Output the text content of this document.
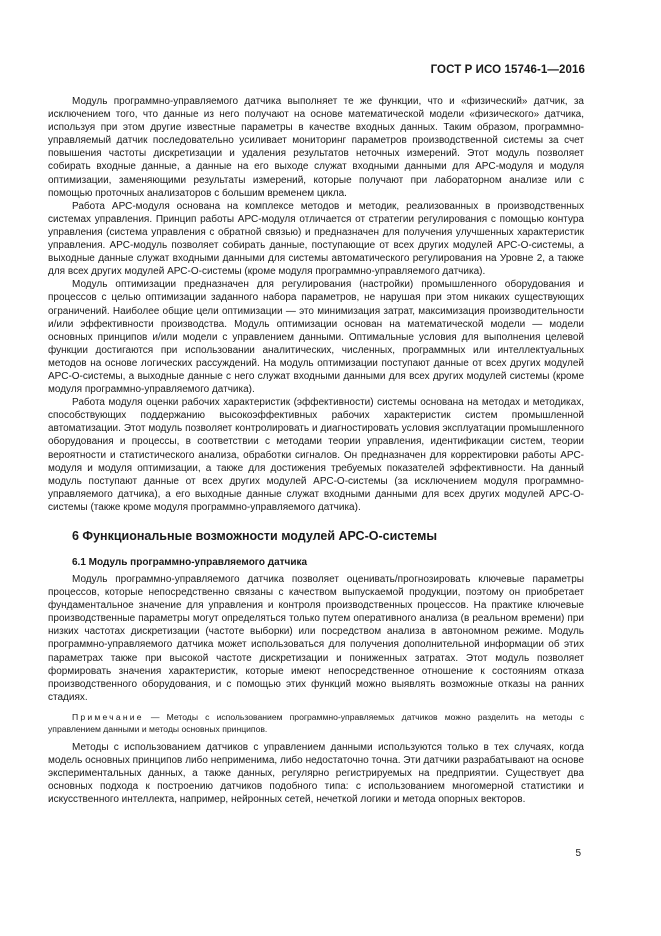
ГОСТ Р ИСО 15746-1—2016

Модуль программно-управляемого датчика выполняет те же функции, что и «физический» датчик, за исключением того, что данные из него получают на основе математической модели «физического» датчика, используя при этом другие известные параметры в качестве входных данных. Таким образом, программно-управляемый датчик последовательно усиливает мониторинг параметров производственной системы за счет повышения частоты дискретизации и удаления результатов неточных измерений. Этот модуль позволяет собирать входные данные, а данные на его выходе служат входными данными для АРС-модуля и модуля оптимизации, заменяющими результаты измерений, которые получают при лабораторном анализе или с помощью проточных анализаторов с большим временем цикла.

Работа АРС-модуля основана на комплексе методов и методик, реализованных в производственных системах управления. Принцип работы АРС-модуля отличается от стратегии регулирования с помощью контура управления (система управления с обратной связью) и предназначен для получения улучшенных характеристик управления. АРС-модуль позволяет собирать данные, поступающие от всех других модулей АРС-О-системы, а выходные данные служат входными данными для системы автоматического регулирования на Уровне 2, а также для всех других модулей АРС-О-системы (кроме модуля программно-управляемого датчика).

Модуль оптимизации предназначен для регулирования (настройки) промышленного оборудования и процессов с целью оптимизации заданного набора параметров, не нарушая при этом никаких существующих ограничений. Наиболее общие цели оптимизации — это минимизация затрат, максимизация производительности и/или эффективности производства. Модуль оптимизации основан на математической модели — модели основных принципов и/или модели с управлением данными. Оптимальные условия для выполнения целевой функции достигаются при использовании аналитических, численных, программных или интеллектуальных методов на основе логических рассуждений. На модуль оптимизации поступают данные от всех других модулей АРС-О-системы, а выходные данные с него служат входными данными для всех других модулей системы (кроме модуля программно-управляемого датчика).

Работа модуля оценки рабочих характеристик (эффективности) системы основана на методах и методиках, способствующих поддержанию высокоэффективных рабочих характеристик систем промышленной автоматизации. Этот модуль позволяет контролировать и диагностировать условия эксплуатации промышленного оборудования и процессы, в соответствии с методами теории управления, идентификации систем, теории вероятности и статистического анализа, обработки сигналов. Он предназначен для корректировки работы АРС-модуля и модуля оптимизации, а также для достижения требуемых показателей эффективности. На данный модуль поступают данные от всех других модулей АРС-О-системы (за исключением модуля программно-управляемого датчика), а его выходные данные служат входными данными для всех других модулей АРС-О-системы (также кроме модуля программно-управляемого датчика).

6 Функциональные возможности модулей АРС-О-системы
6.1 Модуль программно-управляемого датчика

Модуль программно-управляемого датчика позволяет оценивать/прогнозировать ключевые параметры процессов, которые непосредственно связаны с качеством выпускаемой продукции, поэтому он приобретает фундаментальное значение для управления и контроля производственных процессов. На практике ключевые производственные параметры могут определяться только путем оперативного анализа (в реальном времени) при низких частотах дискретизации (частоте выборки) или посредством анализа в автономном режиме. Модуль программно-управляемого датчика может использоваться для получения дополнительной информации об этих параметрах также при высокой частоте дискретизации и пониженных затратах. Этот модуль позволяет формировать значения характеристик, которые имеют непосредственное отношение к состояниям отказа производственного оборудования, и с помощью этих функций можно выявлять возможные отказы на ранних стадиях.

Примечание — Методы с использованием программно-управляемых датчиков можно разделить на методы с управлением данными и методы основных принципов.

Методы с использованием датчиков с управлением данными используются только в тех случаях, когда модель основных принципов либо неприменима, либо недостаточно точна. Эти датчики разрабатывают на основе экспериментальных данных, а также данных, регулярно регистрируемых на предприятии. Существует два основных подхода к построению датчиков подобного типа: с использованием многомерной статистики и искусственного интеллекта, например, нейронных сетей, нечеткой логики и метода опорных векторов.

5
